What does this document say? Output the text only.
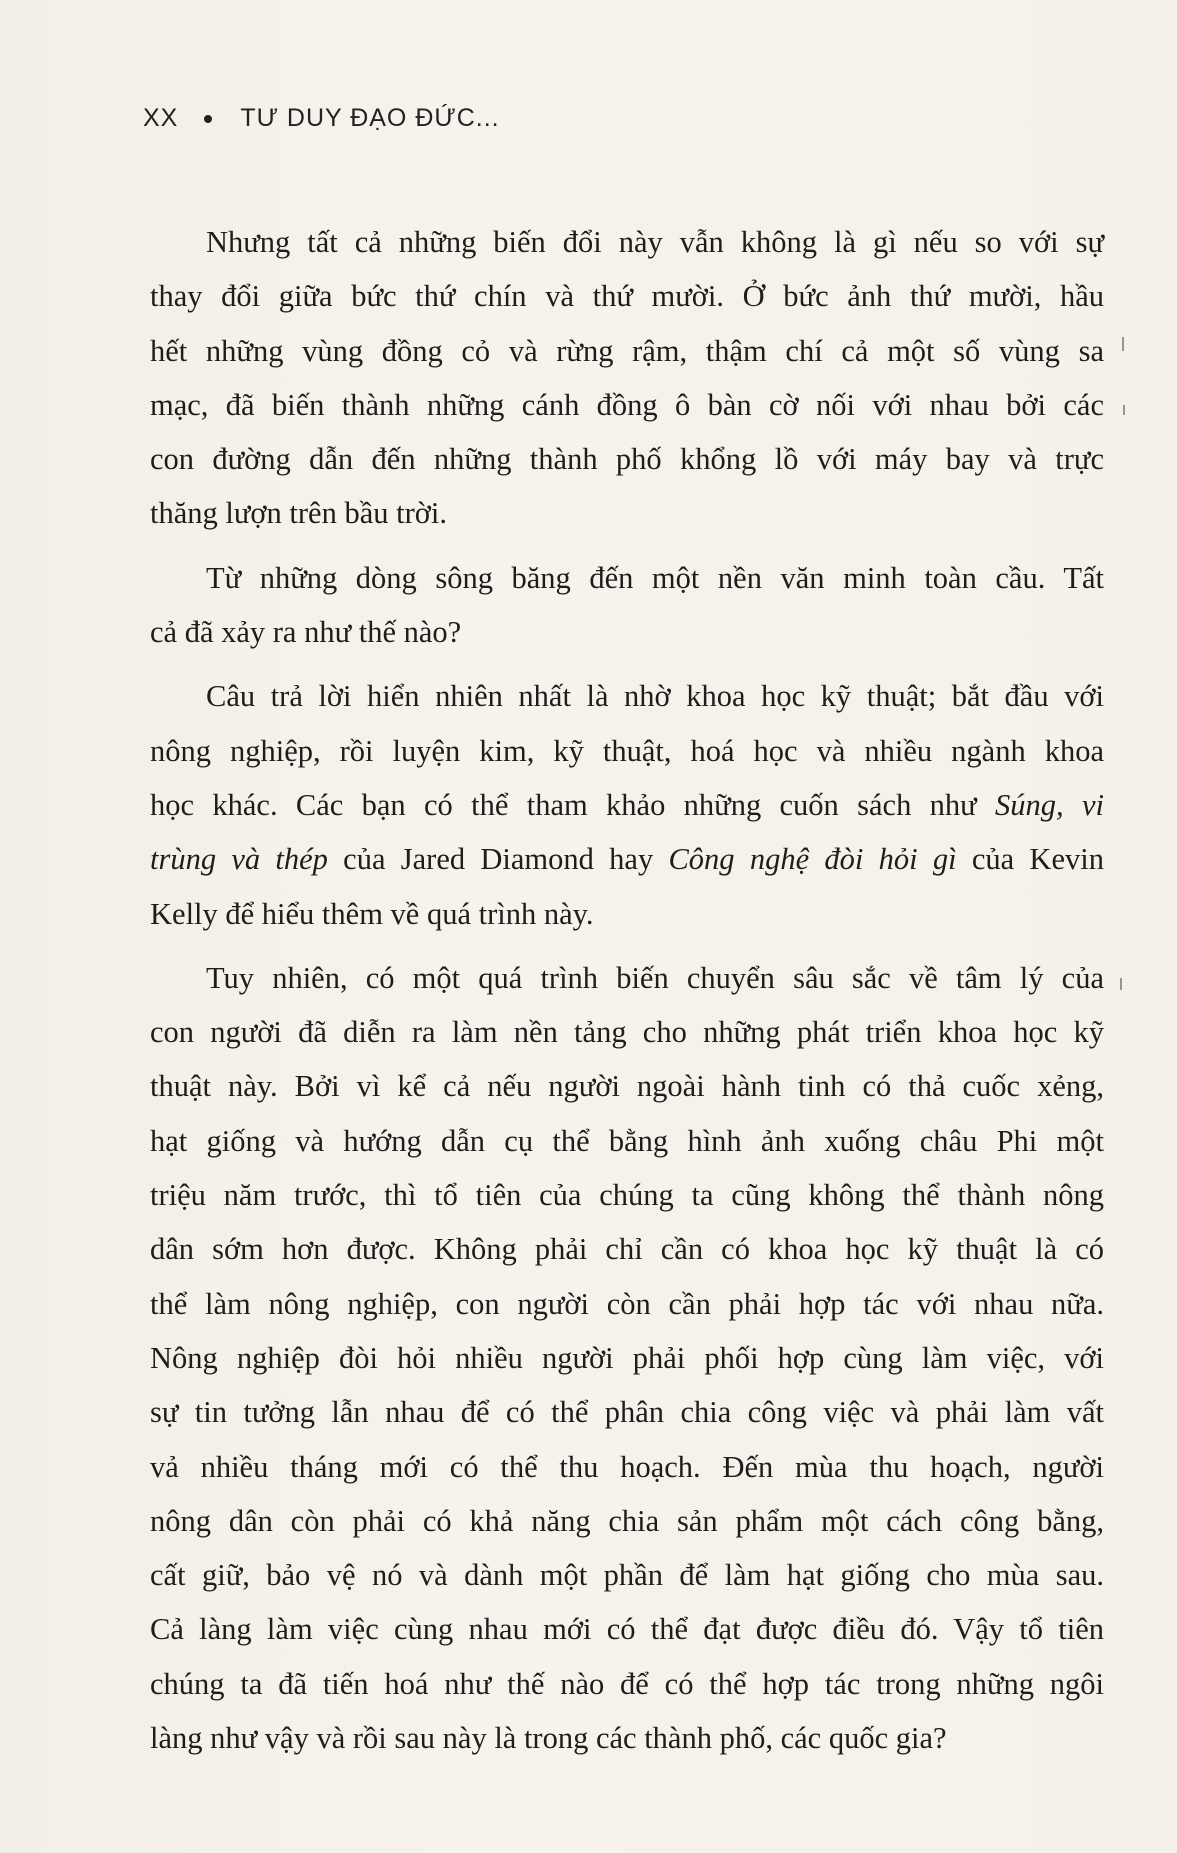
XX TƯ DUY ĐẠO ĐỨC...

Nhưng tất cả những biến đổi này vẫn không là gì nếu so với sự
thay đổi giữa bức thứ chín và thứ mười. Ở bức ảnh thứ mười, hầu
hết những vùng đồng cỏ và rừng rậm, thậm chí cả một số vùng sa
mạc, đã biến thành những cánh đồng ô bàn cờ nối với nhau bởi các
con đường dẫn đến những thành phố khổng lồ với máy bay và trực
thăng lượn trên bầu trời.

Từ những dòng sông băng đến một nền văn minh toàn cầu. Tất
cả đã xảy ra như thế nào?

Câu trả lời hiển nhiên nhất là nhờ khoa học kỹ thuật; bắt đầu với
nông nghiệp, rồi luyện kim, kỹ thuật, hoá học và nhiều ngành khoa
học khác. Các bạn có thể tham khảo những cuốn sách như Súng, vi
trùng và thép của Jared Diamond hay Công nghệ đòi hỏi gì của Kevin
Kelly để hiểu thêm về quá trình này.

Tuy nhiên, có một quá trình biến chuyển sâu sắc về tâm lý của
con người đã diễn ra làm nền tảng cho những phát triển khoa học kỹ
thuật này. Bởi vì kể cả nếu người ngoài hành tinh có thả cuốc xẻng,
hạt giống và hướng dẫn cụ thể bằng hình ảnh xuống châu Phi một
triệu năm trước, thì tổ tiên của chúng ta cũng không thể thành nông
dân sớm hơn được. Không phải chỉ cần có khoa học kỹ thuật là có
thể làm nông nghiệp, con người còn cần phải hợp tác với nhau nữa.
Nông nghiệp đòi hỏi nhiều người phải phối hợp cùng làm việc, với
sự tin tưởng lẫn nhau để có thể phân chia công việc và phải làm vất
vả nhiều tháng mới có thể thu hoạch. Đến mùa thu hoạch, người
nông dân còn phải có khả năng chia sản phẩm một cách công bằng,
cất giữ, bảo vệ nó và dành một phần để làm hạt giống cho mùa sau.
Cả làng làm việc cùng nhau mới có thể đạt được điều đó. Vậy tổ tiên
chúng ta đã tiến hoá như thế nào để có thể hợp tác trong những ngôi
làng như vậy và rồi sau này là trong các thành phố, các quốc gia?
